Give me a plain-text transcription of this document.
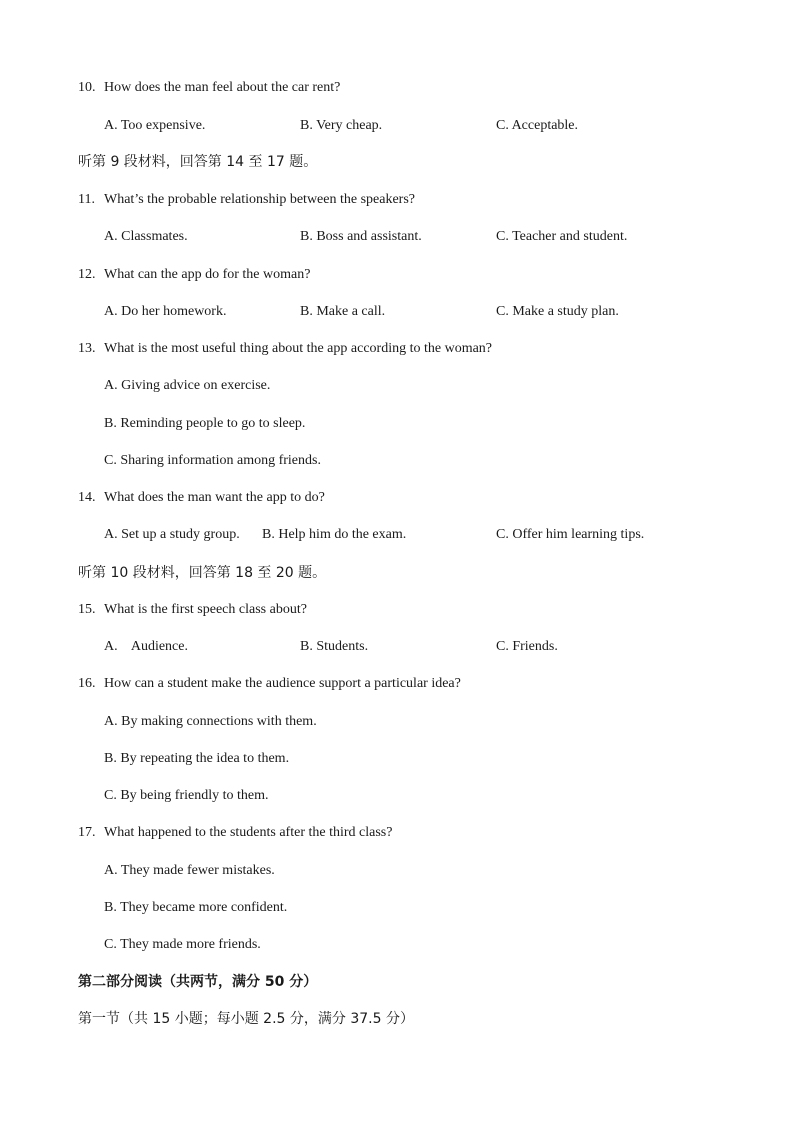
10. How does the man feel about the car rent?
A. Too expensive.	B. Very cheap.	C. Acceptable.
听第 9 段材料，回答第 14 至 17 题。
11. What’s the probable relationship between the speakers?
A. Classmates.	B. Boss and assistant.	C. Teacher and student.
12. What can the app do for the woman?
A. Do her homework.	B. Make a call.	C. Make a study plan.
13. What is the most useful thing about the app according to the woman?
A. Giving advice on exercise.
B. Reminding people to go to sleep.
C. Sharing information among friends.
14. What does the man want the app to do?
A. Set up a study group. B. Help him do the exam.	C. Offer him learning tips.
听第 10 段材料，回答第 18 至 20 题。
15. What is the first speech class about?
A.    Audience.	B. Students.	C. Friends.
16. How can a student make the audience support a particular idea?
A. By making connections with them.
B. By repeating the idea to them.
C. By being friendly to them.
17. What happened to the students after the third class?
A. They made fewer mistakes.
B. They became more confident.
C. They made more friends.
第二部分阅读（共两节，满分 50 分）
第一节（共 15 小题；每小题 2.5 分，满分 37.5 分）
